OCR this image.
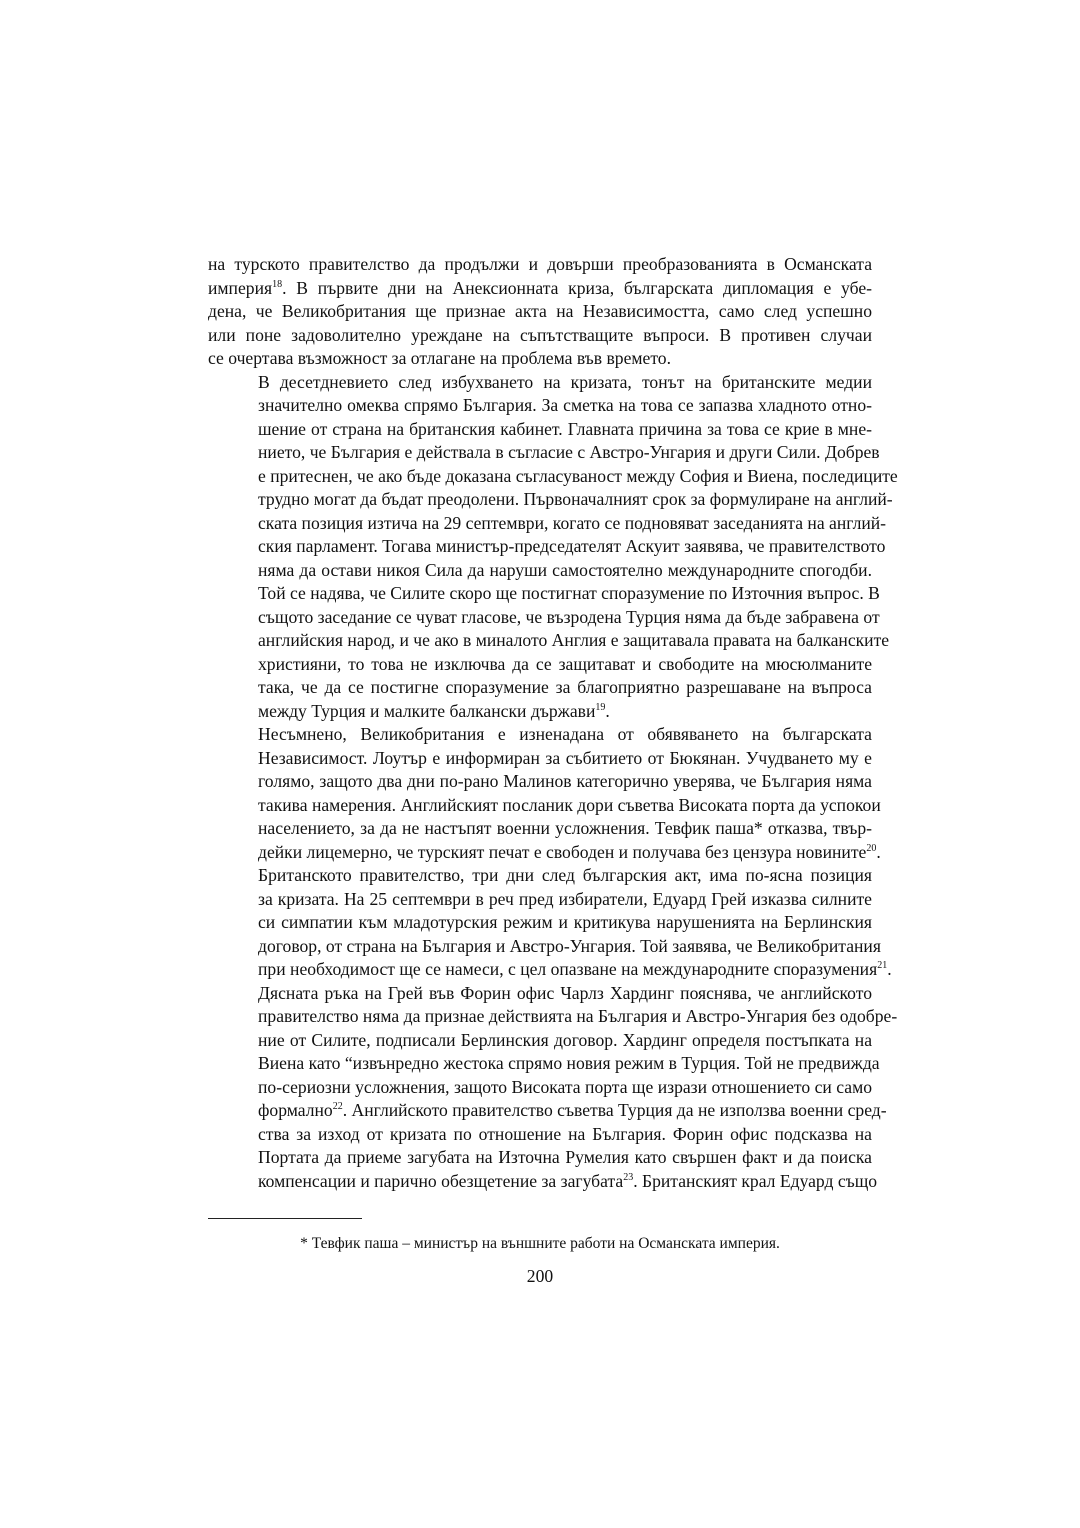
на турското правителство да продължи и довърши преобразованията в Османската
империя$^{18}$. В първите дни на Анексионната криза, българската дипломация е убе-
дена, че Великобритания ще признае акта на Независимостта, само след успешно
или поне задоволително уреждане на съпътстващите въпроси. В противен случаи
се очертава възможност за отлагане на проблема във времето.

В десетдневието след избухването на кризата, тонът на британските медии
значително омеква спрямо България. За сметка на това се запазва хладното отно-
шение от страна на британския кабинет. Главната причина за това се крие в мне-
нието, че България е действала в съгласие с Австро-Унгария и други Сили. Добрев
е притеснен, че ако бъде доказана съгласуваност между София и Виена, последиците
трудно могат да бъдат преодолени. Първоначалният срок за формулиране на англий-
ската позиция изтича на 29 септември, когато се подновяват заседанията на англий-
ския парламент. Тогава министър-председателят Аскуит заявява, че правителството
няма да остави никоя Сила да наруши самостоятелно международните спогодби.
Той се надява, че Силите скоро ще постигнат споразумение по Източния въпрос. В
същото заседание се чуват гласове, че възродена Турция няма да бъде забравена от
английския народ, и че ако в миналото Англия е защитавала правата на балканските
християни, то това не изключва да се защитават и свободите на мюсюлманите
така, че да се постигне споразумение за благоприятно разрешаване на въпроса
между Турция и малките балкански държави$^{19}$.

Несъмнено, Великобритания е изненадана от обявяването на българската
Независимост. Лоутър е информиран за събитието от Бюкянан. Учудването му е
голямо, защото два дни по-рано Малинов категорично уверява, че България няма
такива намерения. Английският посланик дори съветва Високата порта да успокои
населението, за да не настъпят военни усложнения. Тевфик паша* отказва, твър-
дейки лицемерно, че турският печат е свободен и получава без цензура новините$^{20}$.

Британското правителство, три дни след българския акт, има по-ясна позиция
за кризата. На 25 септември в реч пред избиратели, Едуард Грей изказва силните
си симпатии към младотурския режим и критикува нарушенията на Берлинския
договор, от страна на България и Австро-Унгария. Той заявява, че Великобритания
при необходимост ще се намеси, с цел опазване на международните споразумения$^{21}$.
Дясната ръка на Грей във Форин офис Чарлз Хардинг пояснява, че английското
правителство няма да признае действията на България и Австро-Унгария без одобре-
ние от Силите, подписали Берлинския договор. Хардинг определя постъпката на
Виена като “извънредно жестока спрямо новия режим в Турция. Той не предвижда
по-сериозни усложнения, защото Високата порта ще изрази отношението си само
формално$^{22}$. Английското правителство съветва Турция да не използва военни сред-
ства за изход от кризата по отношение на България. Форин офис подсказва на
Портата да приеме загубата на Източна Румелия като свършен факт и да поиска
компенсации и парично обезщетение за загубата$^{23}$. Британският крал Едуард също

* Тевфик паша – министър на външните работи на Османската империя.
200
